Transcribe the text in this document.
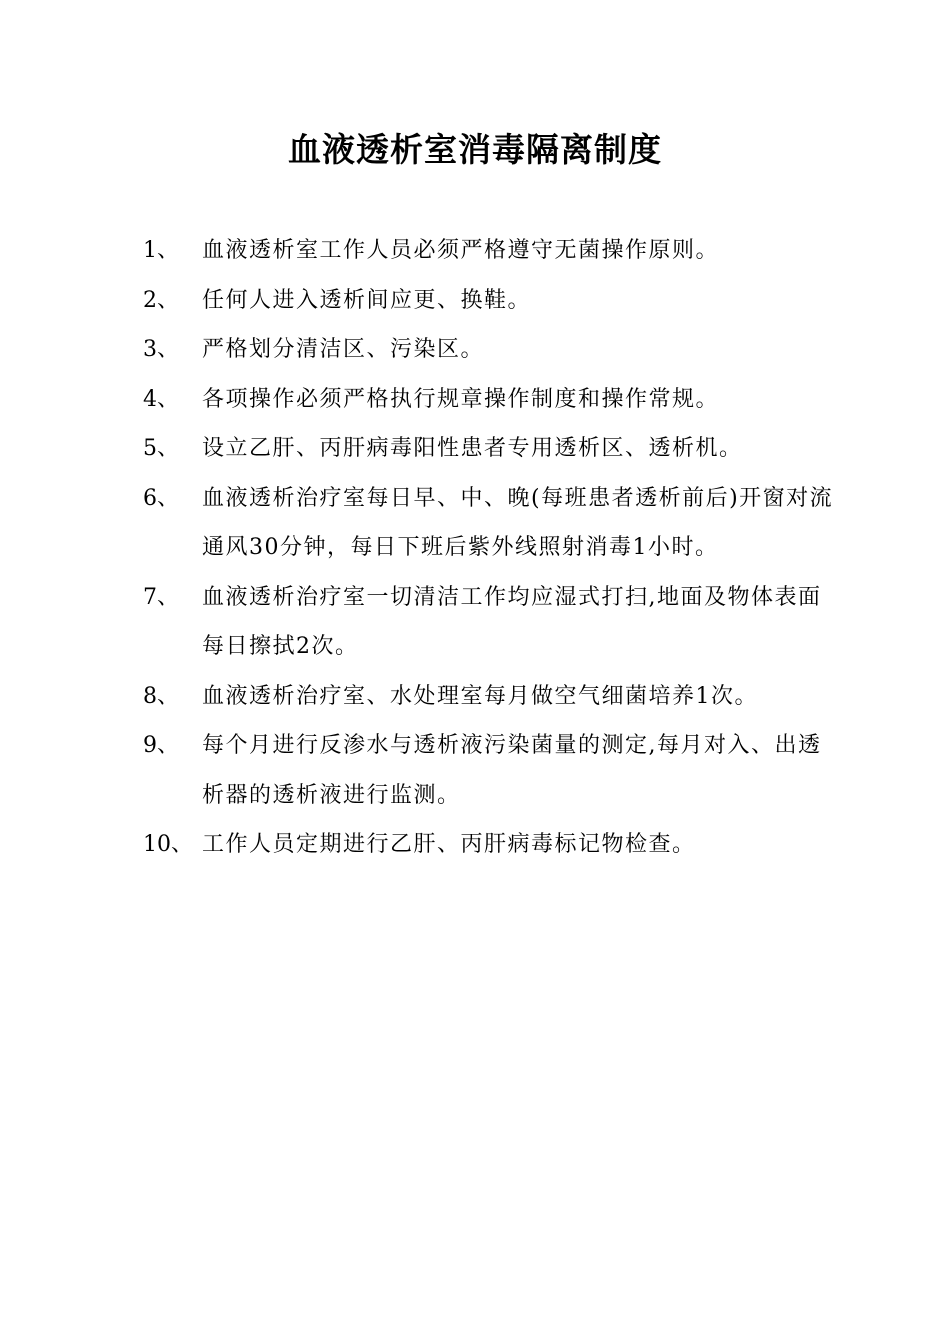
血液透析室消毒隔离制度
1、 血液透析室工作人员必须严格遵守无菌操作原则。
2、 任何人进入透析间应更、换鞋。
3、 严格划分清洁区、污染区。
4、 各项操作必须严格执行规章操作制度和操作常规。
5、 设立乙肝、丙肝病毒阳性患者专用透析区、透析机。
6、 血液透析治疗室每日早、中、晚(每班患者透析前后)开窗对流通风30分钟，每日下班后紫外线照射消毒1小时。
7、 血液透析治疗室一切清洁工作均应湿式打扫,地面及物体表面每日擦拭2次。
8、 血液透析治疗室、水处理室每月做空气细菌培养1次。
9、 每个月进行反渗水与透析液污染菌量的测定,每月对入、出透析器的透析液进行监测。
10、 工作人员定期进行乙肝、丙肝病毒标记物检查。
